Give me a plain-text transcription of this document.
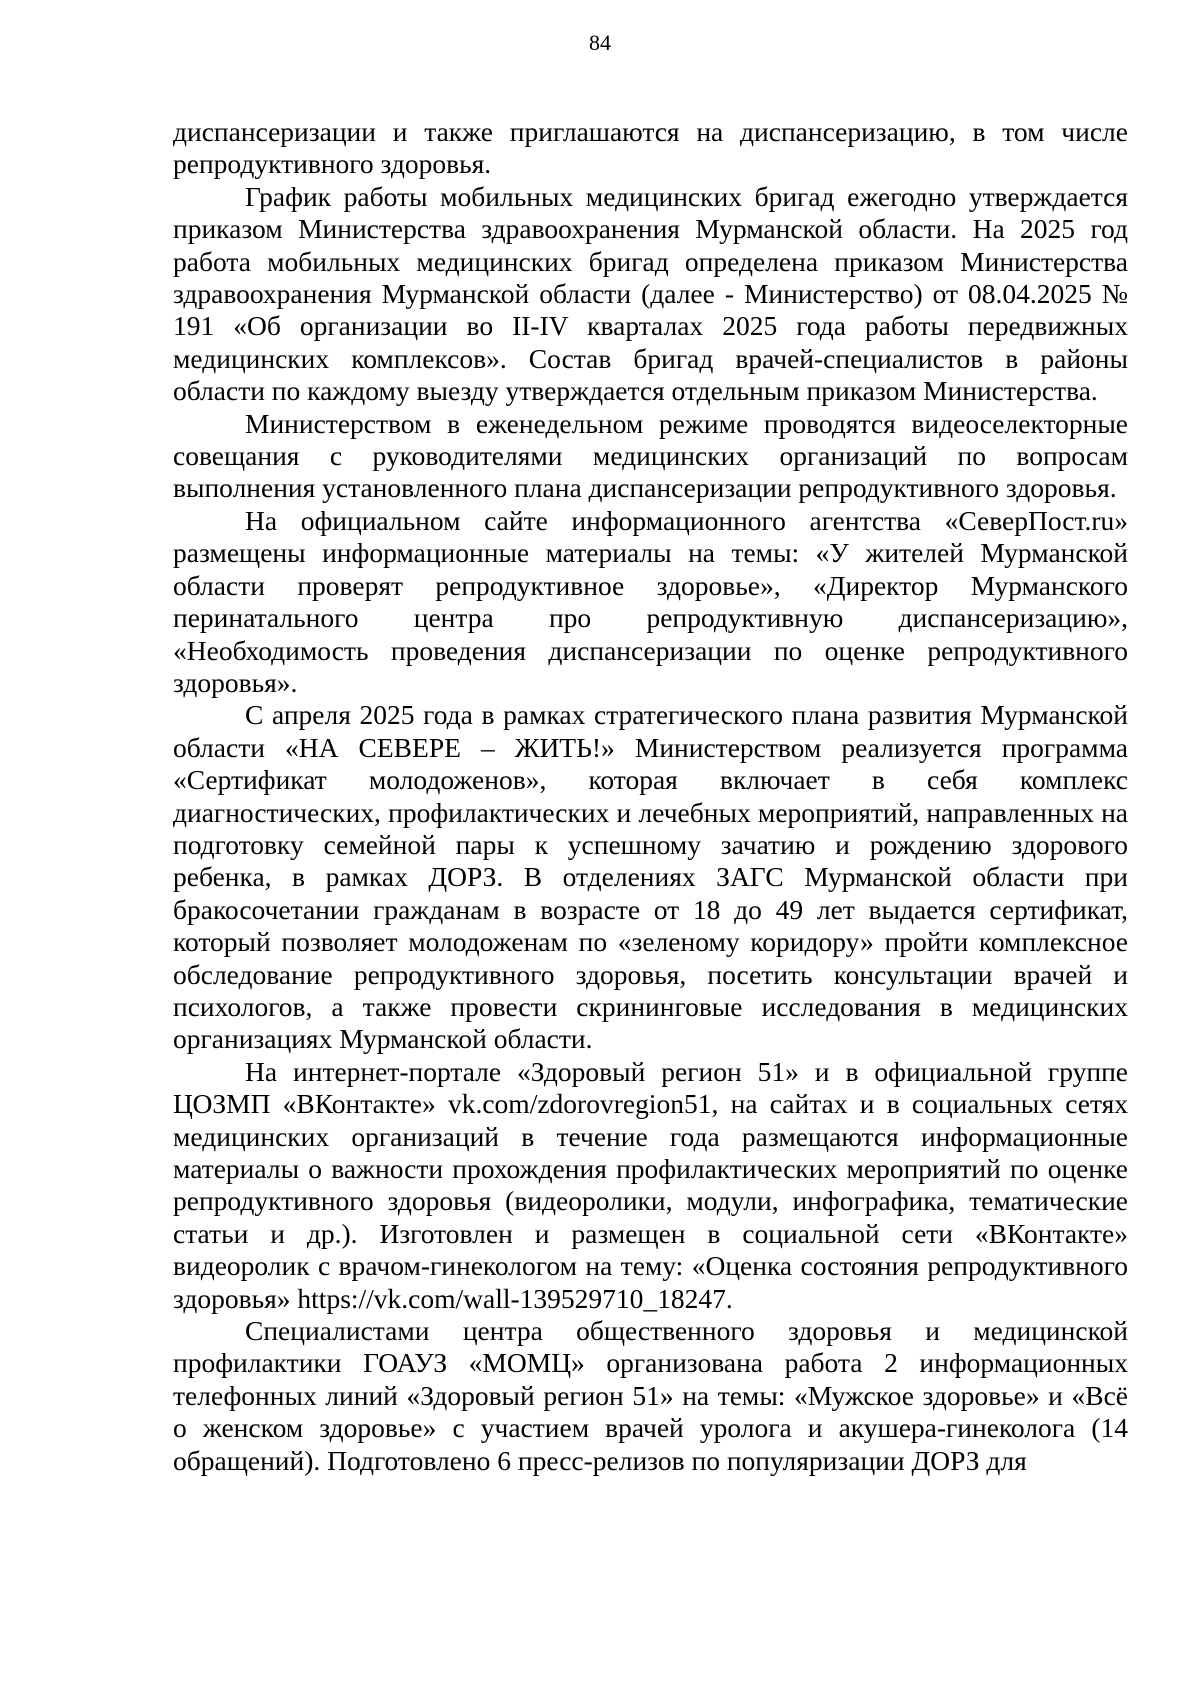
84

диспансеризации и также приглашаются на диспансеризацию, в том числе репродуктивного здоровья.

График работы мобильных медицинских бригад ежегодно утверждается приказом Министерства здравоохранения Мурманской области. На 2025 год работа мобильных медицинских бригад определена приказом Министерства здравоохранения Мурманской области (далее - Министерство) от 08.04.2025 № 191 «Об организации во II-IV кварталах 2025 года работы передвижных медицинских комплексов». Состав бригад врачей-специалистов в районы области по каждому выезду утверждается отдельным приказом Министерства.

Министерством в еженедельном режиме проводятся видеоселекторные совещания с руководителями медицинских организаций по вопросам выполнения установленного плана диспансеризации репродуктивного здоровья.

На официальном сайте информационного агентства «СеверПост.ru» размещены информационные материалы на темы: «У жителей Мурманской области проверят репродуктивное здоровье», «Директор Мурманского перинатального центра про репродуктивную диспансеризацию», «Необходимость проведения диспансеризации по оценке репродуктивного здоровья».

С апреля 2025 года в рамках стратегического плана развития Мурманской области «НА СЕВЕРЕ – ЖИТЬ!» Министерством реализуется программа «Сертификат молодоженов», которая включает в себя комплекс диагностических, профилактических и лечебных мероприятий, направленных на подготовку семейной пары к успешному зачатию и рождению здорового ребенка, в рамках ДОРЗ. В отделениях ЗАГС Мурманской области при бракосочетании гражданам в возрасте от 18 до 49 лет выдается сертификат, который позволяет молодоженам по «зеленому коридору» пройти комплексное обследование репродуктивного здоровья, посетить консультации врачей и психологов, а также провести скрининговые исследования в медицинских организациях Мурманской области.

На интернет-портале «Здоровый регион 51» и в официальной группе ЦОЗМП «ВКонтакте» vk.com/zdorovregion51, на сайтах и в социальных сетях медицинских организаций в течение года размещаются информационные материалы о важности прохождения профилактических мероприятий по оценке репродуктивного здоровья (видеоролики, модули, инфографика, тематические статьи и др.). Изготовлен и размещен в социальной сети «ВКонтакте» видеоролик с врачом-гинекологом на тему: «Оценка состояния репродуктивного здоровья» https://vk.com/wall-139529710_18247.

Специалистами центра общественного здоровья и медицинской профилактики ГОАУЗ «МОМЦ» организована работа 2 информационных телефонных линий «Здоровый регион 51» на темы: «Мужское здоровье» и «Всё о женском здоровье» с участием врачей уролога и акушера-гинеколога (14 обращений). Подготовлено 6 пресс-релизов по популяризации ДОРЗ для
